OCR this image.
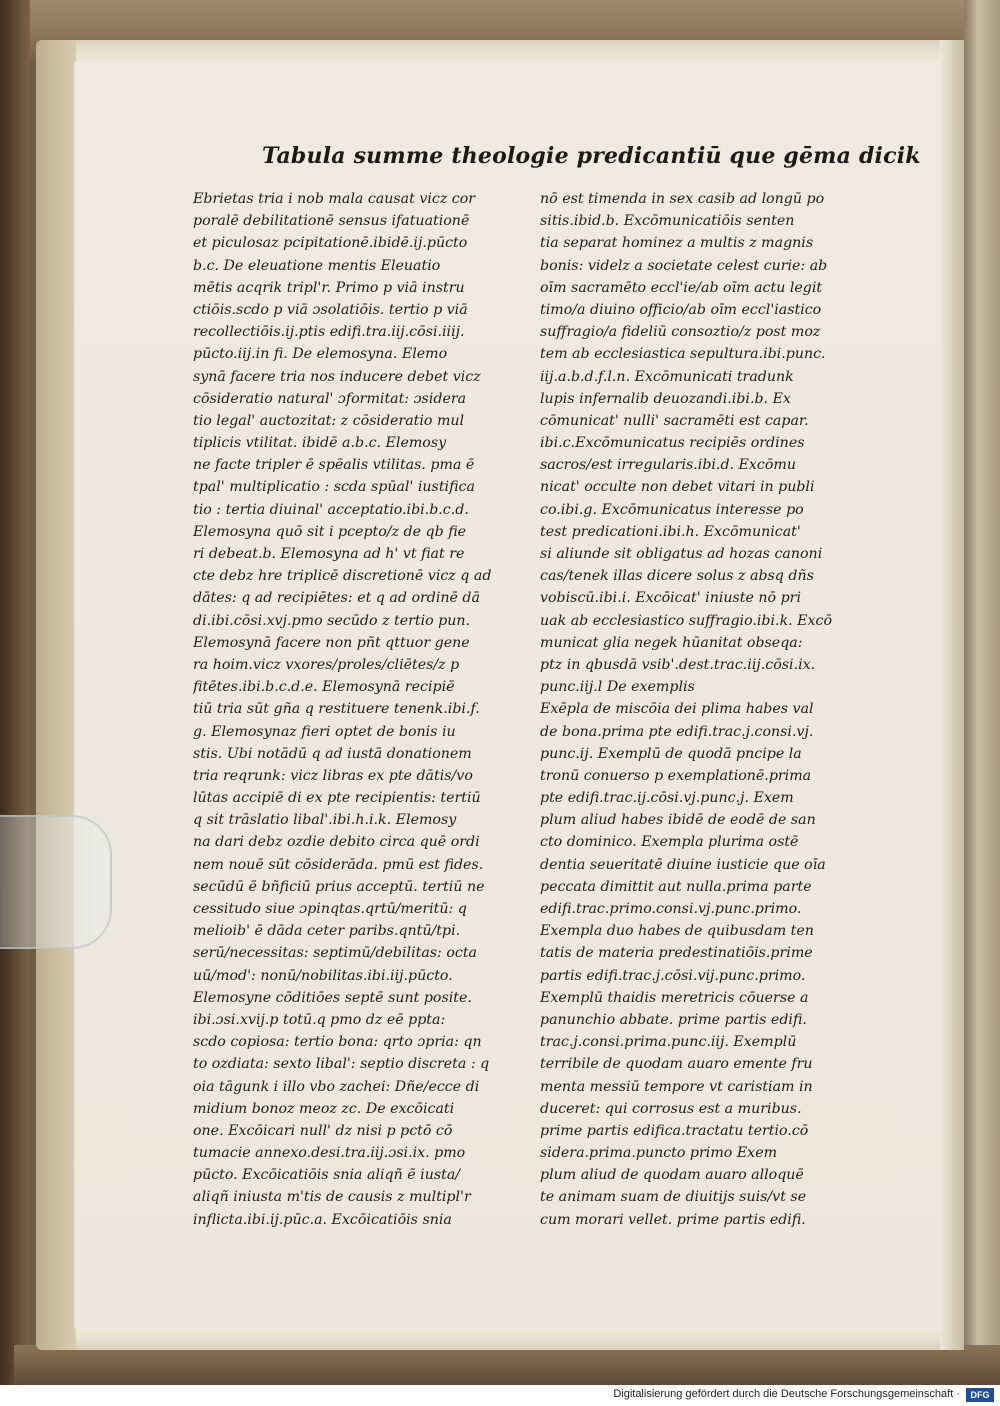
Tabula summe theologie predicantiū que gēma dicik
Ebrietas tria i nob mala causat vicz cor
poralē debilitationē sensus ifatuationē
et piculosaz pcipitationē.ibidē.ij.pūcto
b.c. De eleuatione mentis Eleuatio
mētis acqrik tripl'r. Primo p viā instru
ctiōis.scdo p viā ɔsolatiōis. tertio p viā
recollectiōis.ij.ptis edifi.tra.iij.cōsi.iiij.
pūcto.iij.in fi. De elemosyna. Elemo
synā facere tria nos inducere debet vicz
cōsideratio natural' ɔformitat: ɔsidera
tio legal' auctozitat: z cōsideratio mul
tiplicis vtilitat. ibidē a.b.c. Elemosy
ne facte tripler ē spēalis vtilitas. pma ē
tpal' multiplicatio : scda spūal' iustifica
tio : tertia diuinal' acceptatio.ibi.b.c.d.
Elemosyna quō sit i pcepto/z de qb fie
ri debeat.b. Elemosyna ad h' vt fiat re
cte debz hre triplicē discretionē vicz q ad
dātes: q ad recipiētes: et q ad ordinē dā
di.ibi.cōsi.xvj.pmo secūdo z tertio pun.
Elemosynā facere non pñt qttuor gene
ra hoim.vicz vxores/proles/cliētes/z p
fitētes.ibi.b.c.d.e. Elemosynā recipiē
tiū tria sūt gña q restituere tenenk.ibi.f.
g. Elemosynaz fieri optet de bonis iu
stis. Ubi notādū q ad iustā donationem
tria reqrunk: vicz libras ex pte dātis/vo
lūtas accipiē di ex pte recipientis: tertiū
q sit trāslatio libal'.ibi.h.i.k. Elemosy
na dari debz ozdie debito circa quē ordi
nem nouē sūt cōsiderāda. pmū est fides.
secūdū ē bñficiū prius acceptū. tertiū ne
cessitudo siue ɔpinqtas.qrtū/meritū: q
melioib' ē dāda ceter paribs.qntū/tpi.
serū/necessitas: septimū/debilitas: octa
uū/mod': nonū/nobilitas.ibi.iij.pūcto.
Elemosyne cōditiōes septē sunt posite.
ibi.ɔsi.xvij.p totū.q pmo dz eē ppta:
scdo copiosa: tertio bona: qrto ɔpria: qn
to ozdiata: sexto libal': septio discreta : q
oia tāgunk i illo vbo zachei: Dñe/ecce di
midium bonoz meoz zc. De excōicati
one. Excōicari null' dz nisi p pctō cō
tumacie annexo.desi.tra.iij.ɔsi.ix. pmo
pūcto. Excōicatiōis snia aliqñ ē iusta/
aliqñ iniusta m'tis de causis z multipl'r
inflicta.ibi.ij.pūc.a. Excōicatiōis snia
nō est timenda in sex casib ad longū po
sitis.ibid.b. Excōmunicatiōis senten
tia separat hominez a multis z magnis
bonis: videlz a societate celest curie: ab
oīm sacramēto eccl'ie/ab oīm actu legit
timo/a diuino officio/ab oīm eccl'iastico
suffragio/a fideliū consoztio/z post moz
tem ab ecclesiastica sepultura.ibi.punc.
iij.a.b.d.f.l.n. Excōmunicati tradunk
lupis infernalib deuozandi.ibi.b. Ex
cōmunicat' nulli' sacramēti est capar.
ibi.c.Excōmunicatus recipiēs ordines
sacros/est irregularis.ibi.d. Excōmu
nicat' occulte non debet vitari in publi
co.ibi.g. Excōmunicatus interesse po
test predicationi.ibi.h. Excōmunicat'
si aliunde sit obligatus ad hozas canoni
cas/tenek illas dicere solus z absq dñs
vobiscū.ibi.i. Excōicat' iniuste nō pri
uak ab ecclesiastico suffragio.ibi.k. Excō
municat glia negek hūanitat obseqa:
ptz in qbusdā vsib'.dest.trac.iij.cōsi.ix.
punc.iij.l De exemplis
Exēpla de miscōia dei plima habes val
de bona.prima pte edifi.trac.j.consi.vj.
punc.ij. Exemplū de quodā pncipe la
tronū conuerso p exemplationē.prima
pte edifi.trac.ij.cōsi.vj.punc.j. Exem
plum aliud habes ibidē de eodē de san
cto dominico. Exempla plurima ostē
dentia seueritatē diuine iusticie que oīa
peccata dimittit aut nulla.prima parte
edifi.trac.primo.consi.vj.punc.primo.
Exempla duo habes de quibusdam ten
tatis de materia predestinatiōis.prime
partis edifi.trac.j.cōsi.vij.punc.primo.
Exemplū thaidis meretricis cōuerse a
panunchio abbate. prime partis edifi.
trac.j.consi.prima.punc.iij. Exemplū
terribile de quodam auaro emente fru
menta messiū tempore vt caristiam in
duceret: qui corrosus est a muribus.
prime partis edifica.tractatu tertio.cō
sidera.prima.puncto primo Exem
plum aliud de quodam auaro alloquē
te animam suam de diuitijs suis/vt se
cum morari vellet. prime partis edifi.
Digitalisierung gefördert durch die Deutsche Forschungsgemeinschaft ·	DFG
